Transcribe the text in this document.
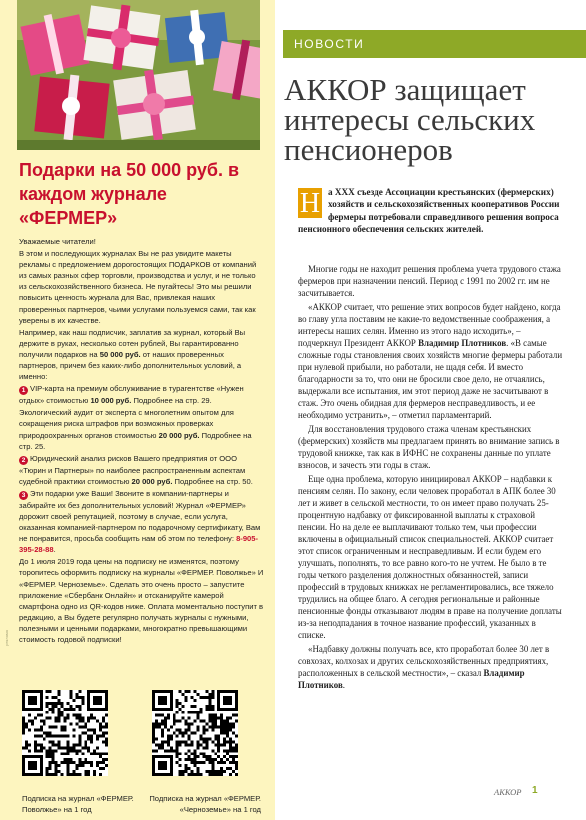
Подарки на 50 000 руб. в каждом журнале «ФЕРМЕР»

Уважаемые читатели!

В этом и последующих журналах Вы не раз увидите макеты рекламы с предложением дорогостоящих ПОДАРКОВ от компаний из самых разных сфер торговли, производства и услуг, и не только из сельскохозяйственного бизнеса. Не пугайтесь! Это мы решили повысить ценность журнала для Вас, привлекая наших проверенных партнеров, чьими услугами пользуемся сами, так как уверены в их качестве.

Например, как наш подписчик, заплатив за журнал, который Вы держите в руках, несколько сотен рублей, Вы гарантированно получили подарков на 50 000 руб. от наших проверенных партнеров, причем без каких-либо дополнительных условий, а именно:

1 VIP-карта на премиум обслуживание в турагентстве «Нужен отдых» стоимостью 10 000 руб. Подробнее на стр. 29.

Экологический аудит от эксперта с многолетним опытом для сокращения риска штрафов при возможных проверках природоохранных органов стоимостью 20 000 руб. Подробнее на стр. 25.

2 Юридический анализ рисков Вашего предприятия от ООО «Тюрин и Партнеры» по наиболее распространенным аспектам судебной практики стоимостью 20 000 руб. Подробнее на стр. 50.

3 Эти подарки уже Ваши! Звоните в компании-партнеры и забирайте их без дополнительных условий! Журнал «ФЕРМЕР» дорожит своей репутацией, поэтому в случае, если услуга, оказанная компанией-партнером по подарочному сертификату, Вам не понравится, просьба сообщить нам об этом по телефону: 8-905-395-28-88.

До 1 июля 2019 года цены на подписку не изменятся, поэтому торопитесь оформить подписку на журналы «ФЕРМЕР. Поволжье» И «ФЕРМЕР. Черноземье». Сделать это очень просто – запустите приложение «Сбербанк Онлайн» и отсканируйте камерой смартфона одно из QR-кодов ниже. Оплата моментально поступит в редакцию, а Вы будете регулярно получать журналы с нужными, полезными и ценными подарками, многократно превышающими стоимость годовой подписки!

реклама
Подписка на журнал «ФЕРМЕР. Поволжье» на 1 год
Подписка на журнал «ФЕРМЕР. «Черноземье» на 1 год
НОВОСТИ
АККОР защищает интересы сельских пенсионеров
Н а XXX съезде Ассоциации крестьянских (фермерских) хозяйств и сельскохозяйственных кооперативов России фермеры потребовали справедливого решения вопроса пенсионного обеспечения сельских жителей.

Многие годы не находит решения проблема учета трудового стажа фермеров при назначении пенсий. Период с 1991 по 2002 гг. им не засчитывается.

«АККОР считает, что решение этих вопросов будет найдено, когда во главу угла поставим не какие-то ведомственные соображения, а интересы наших селян. Именно из этого надо исходить», – подчеркнул Президент АККОР Владимир Плотников. «В самые сложные годы становления своих хозяйств многие фермеры работали при нулевой прибыли, но работали, не щадя себя. И вместо благодарности за то, что они не бросили свое дело, не отчаялись, выдержали все испытания, им этот период даже не засчитывают в стаж. Это очень обидная для фермеров несправедливость, и ее необходимо устранить», – отметил парламентарий.

Для восстановления трудового стажа членам крестьянских (фермерских) хозяйств мы предлагаем принять во внимание запись в трудовой книжке, так как в ИФНС не сохранены данные по уплате взносов, и зачесть эти годы в стаж.

Еще одна проблема, которую инициировал АККОР – надбавки к пенсиям селян. По закону, если человек проработал в АПК более 30 лет и живет в сельской местности, то он имеет право получать 25-процентную надбавку от фиксированной выплаты к страховой пенсии. Но на деле ее выплачивают только тем, чьи профессии включены в официальный список специальностей. АККОР считает этот список ограниченным и несправедливым. И если будем его улучшать, пополнять, то все равно кого-то не учтем. Не было в те годы четкого разделения должностных обязанностей, записи профессий в трудовых книжках не регламентировались, все тяжело трудились на общее благо. А сегодня региональные и районные пенсионные фонды отказывают людям в праве на получение доплаты из-за неподпадания в точное название профессий, указанных в списке.

«Надбавку должны получать все, кто проработал более 30 лет в совхозах, колхозах и других сельскохозяйственных предприятиях, расположенных в сельской местности», – сказал Владимир Плотников.

АККОР 1
